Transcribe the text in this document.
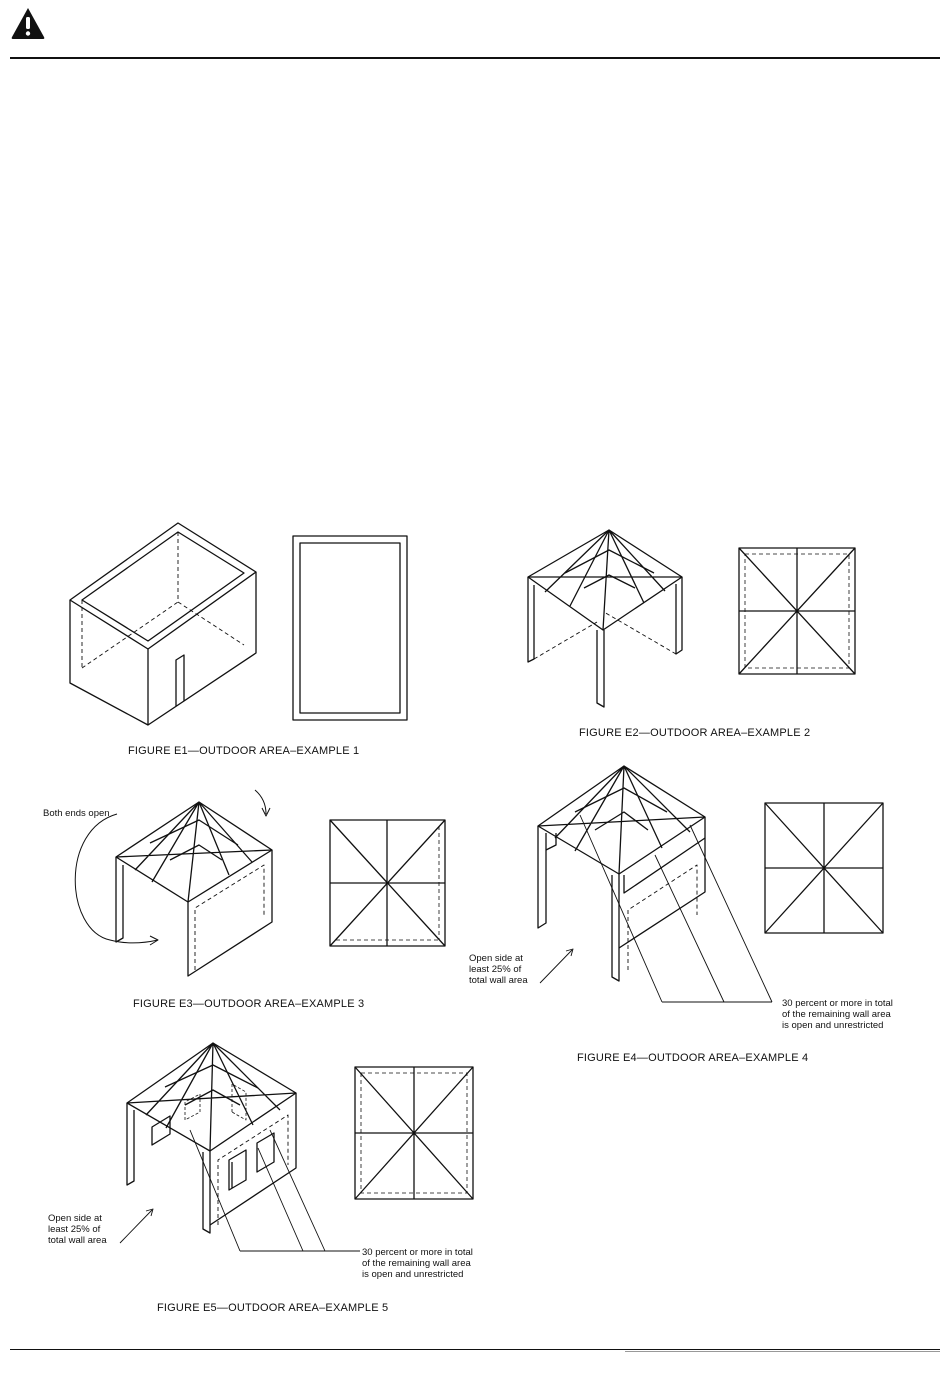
FIGURE E1—OUTDOOR AREA–EXAMPLE 1
FIGURE E2—OUTDOOR AREA–EXAMPLE 2
FIGURE E3—OUTDOOR AREA–EXAMPLE 3
FIGURE E4—OUTDOOR AREA–EXAMPLE 4
FIGURE E5—OUTDOOR AREA–EXAMPLE 5
Both ends open
Open side at
least 25% of
total wall area
30 percent or more in total
of the remaining wall area
is open and unrestricted
Open side at
least 25% of
total wall area
30 percent or more in total
of the remaining wall area
is open and unrestricted
